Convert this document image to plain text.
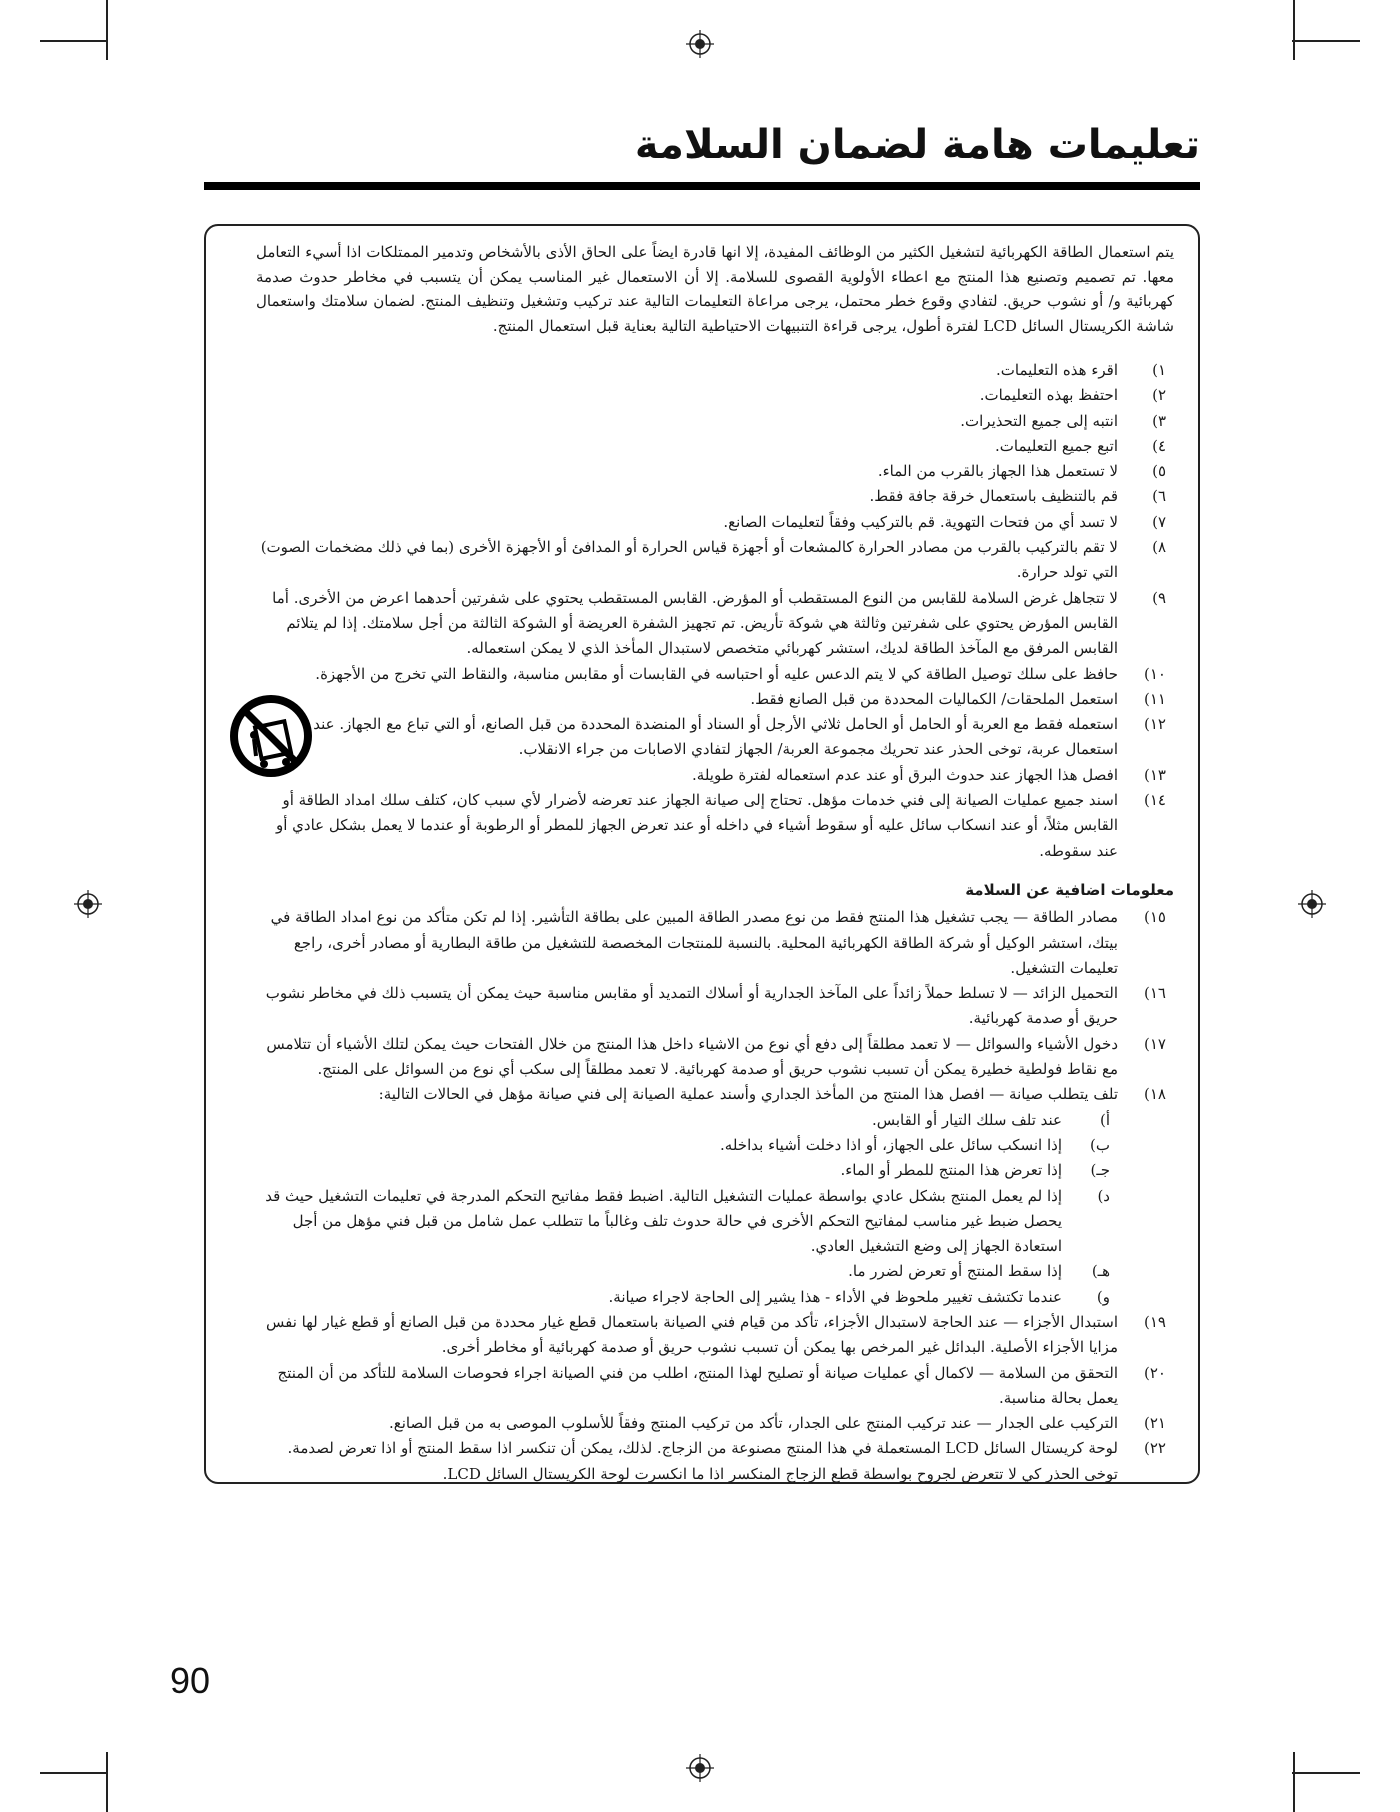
تعليمات هامة لضمان السلامة

يتم استعمال الطاقة الكهربائية لتشغيل الكثير من الوظائف المفيدة، إلا انها قادرة ايضاً على الحاق الأذى بالأشخاص وتدمير الممتلكات اذا أسيء التعامل معها. تم تصميم وتصنيع هذا المنتج مع اعطاء الأولوية القصوى للسلامة. إلا أن الاستعمال غير المناسب يمكن أن يتسبب في مخاطر حدوث صدمة كهربائية و/ أو نشوب حريق. لتفادي وقوع خطر محتمل، يرجى مراعاة التعليمات التالية عند تركيب وتشغيل وتنظيف المنتج. لضمان سلامتك واستعمال شاشة الكريستال السائل LCD لفترة أطول، يرجى قراءة التنبيهات الاحتياطية التالية بعناية قبل استعمال المنتج.

١)
اقرء هذه التعليمات.
٢)
احتفظ بهذه التعليمات.
٣)
انتبه إلى جميع التحذيرات.
٤)
اتبع جميع التعليمات.
٥)
لا تستعمل هذا الجهاز بالقرب من الماء.
٦)
قم بالتنظيف باستعمال خرقة جافة فقط.
٧)
لا تسد أي من فتحات التهوية. قم بالتركيب وفقاً لتعليمات الصانع.
٨)
لا تقم بالتركيب بالقرب من مصادر الحرارة كالمشعات أو أجهزة قياس الحرارة أو المدافئ أو الأجهزة الأخرى (بما في ذلك مضخمات الصوت) التي تولد حرارة.
٩)
لا تتجاهل غرض السلامة للقابس من النوع المستقطب أو المؤرض. القابس المستقطب يحتوي على شفرتين أحدهما اعرض من الأخرى. أما القابس المؤرض يحتوي على شفرتين وثالثة هي شوكة تأريض. تم تجهيز الشفرة العريضة أو الشوكة الثالثة من أجل سلامتك. إذا لم يتلائم القابس المرفق مع المآخذ الطاقة لديك، استشر كهربائي متخصص لاستبدال المأخذ الذي لا يمكن استعماله.
١٠)
حافظ على سلك توصيل الطاقة كي لا يتم الدعس عليه أو احتباسه في القابسات أو مقابس مناسبة، والنقاط التي تخرج من الأجهزة.
١١)
استعمل الملحقات/ الكماليات المحددة من قبل الصانع فقط.
١٢)
استعمله فقط مع العربة أو الحامل أو الحامل ثلاثي الأرجل أو السناد أو المنضدة المحددة من قبل الصانع، أو التي تباع مع الجهاز. عند استعمال عربة، توخى الحذر عند تحريك مجموعة العربة/ الجهاز لتفادي الاصابات من جراء الانقلاب.
١٣)
افصل هذا الجهاز عند حدوث البرق أو عند عدم استعماله لفترة طويلة.
١٤)
اسند جميع عمليات الصيانة إلى فني خدمات مؤهل. تحتاج إلى صيانة الجهاز عند تعرضه لأضرار لأي سبب كان، كتلف سلك امداد الطاقة أو القابس مثلاً، أو عند انسكاب سائل عليه أو سقوط أشياء في داخله أو عند تعرض الجهاز للمطر أو الرطوبة أو عندما لا يعمل بشكل عادي أو عند سقوطه.
معلومات اضافية عن السلامة
١٥)
مصادر الطاقة — يجب تشغيل هذا المنتج فقط من نوع مصدر الطاقة المبين على بطاقة التأشير. إذا لم تكن متأكد من نوع امداد الطاقة في بيتك، استشر الوكيل أو شركة الطاقة الكهربائية المحلية. بالنسبة للمنتجات المخصصة للتشغيل من طاقة البطارية أو مصادر أخرى، راجع تعليمات التشغيل.
١٦)
التحميل الزائد — لا تسلط حملاً زائداً على المآخذ الجدارية أو أسلاك التمديد أو مقابس مناسبة حيث يمكن أن يتسبب ذلك في مخاطر نشوب حريق أو صدمة كهربائية.
١٧)
دخول الأشياء والسوائل — لا تعمد مطلقاً إلى دفع أي نوع من الاشياء داخل هذا المنتج من خلال الفتحات حيث يمكن لتلك الأشياء أن تتلامس مع نقاط فولطية خطيرة يمكن أن تسبب نشوب حريق أو صدمة كهربائية. لا تعمد مطلقاً إلى سكب أي نوع من السوائل على المنتج.
١٨)
تلف يتطلب صيانة — افصل هذا المنتج من المأخذ الجداري وأسند عملية الصيانة إلى فني صيانة مؤهل في الحالات التالية:
أ)
عند تلف سلك التيار أو القابس.
ب)
إذا انسكب سائل على الجهاز، أو اذا دخلت أشياء بداخله.
جـ)
إذا تعرض هذا المنتج للمطر أو الماء.
د)
إذا لم يعمل المنتج بشكل عادي بواسطة عمليات التشغيل التالية. اضبط فقط مفاتيح التحكم المدرجة في تعليمات التشغيل حيث قد يحصل ضبط غير مناسب لمفاتيح التحكم الأخرى في حالة حدوث تلف وغالباً ما تتطلب عمل شامل من قبل فني مؤهل من أجل استعادة الجهاز إلى وضع التشغيل العادي.
هـ)
إذا سقط المنتج أو تعرض لضرر ما.
و)
عندما تكتشف تغيير ملحوظ في الأداء - هذا يشير إلى الحاجة لاجراء صيانة.
١٩)
استبدال الأجزاء — عند الحاجة لاستبدال الأجزاء، تأكد من قيام فني الصيانة باستعمال قطع غيار محددة من قبل الصانع أو قطع غيار لها نفس مزايا الأجزاء الأصلية. البدائل غير المرخص بها يمكن أن تسبب نشوب حريق أو صدمة كهربائية أو مخاطر أخرى.
٢٠)
التحقق من السلامة — لاكمال أي عمليات صيانة أو تصليح لهذا المنتج، اطلب من فني الصيانة اجراء فحوصات السلامة للتأكد من أن المنتج يعمل بحالة مناسبة.
٢١)
التركيب على الجدار — عند تركيب المنتج على الجدار، تأكد من تركيب المنتج وفقاً للأسلوب الموصى به من قبل الصانع.
٢٢)
لوحة كريستال السائل LCD المستعملة في هذا المنتج مصنوعة من الزجاج. لذلك، يمكن أن تنكسر اذا سقط المنتج أو اذا تعرض لصدمة. توخى الحذر كي لا تتعرض لجروح بواسطة قطع الزجاج المنكسر اذا ما انكسرت لوحة الكريستال السائل LCD.
90
